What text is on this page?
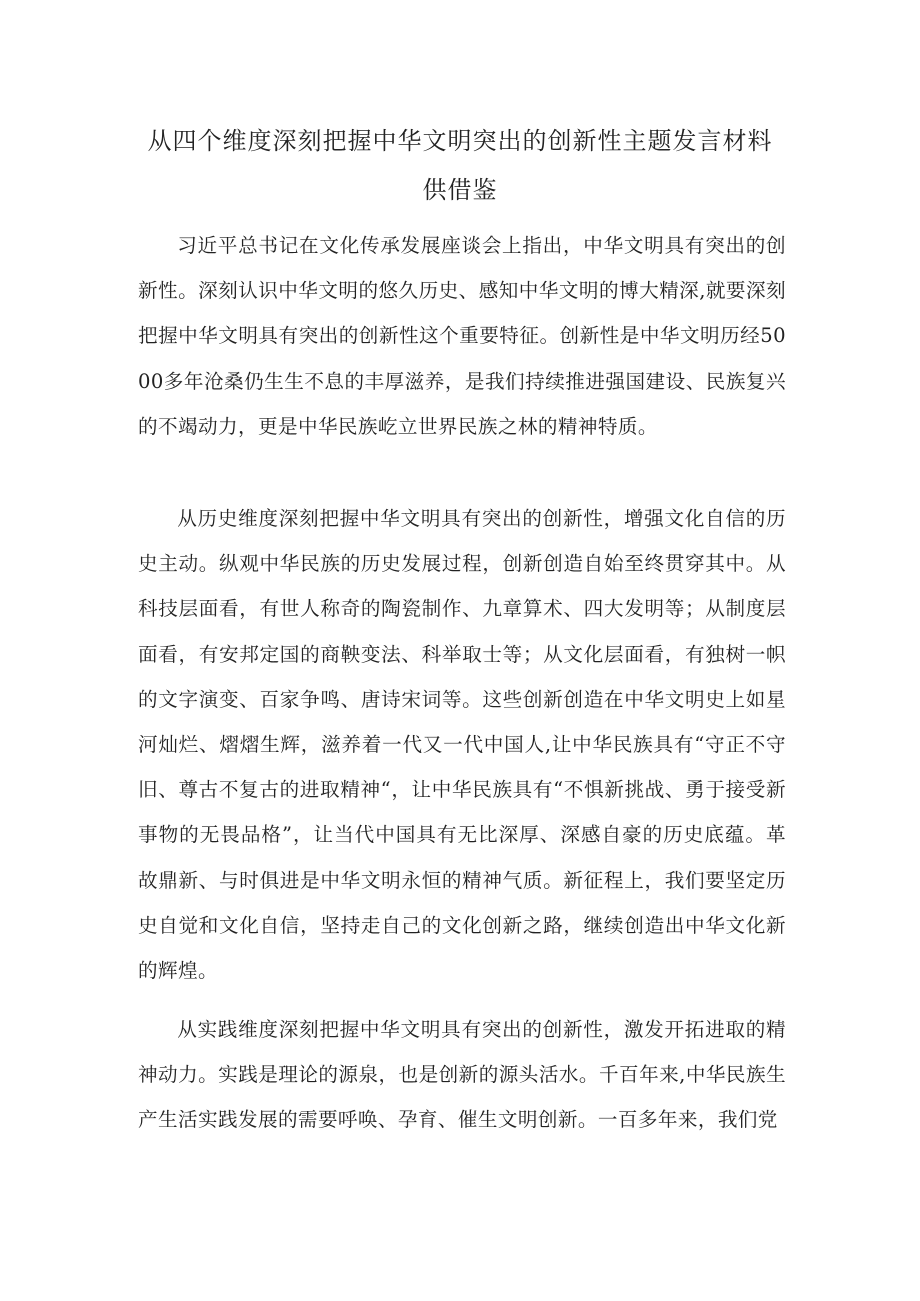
从四个维度深刻把握中华文明突出的创新性主题发言材料
供借鉴

习近平总书记在文化传承发展座谈会上指出，中华文明具有突出的创新性。深刻认识中华文明的悠久历史、感知中华文明的博大精深,就要深刻把握中华文明具有突出的创新性这个重要特征。创新性是中华文明历经5000多年沧桑仍生生不息的丰厚滋养，是我们持续推进强国建设、民族复兴的不竭动力，更是中华民族屹立世界民族之林的精神特质。

从历史维度深刻把握中华文明具有突出的创新性，增强文化自信的历史主动。纵观中华民族的历史发展过程，创新创造自始至终贯穿其中。从科技层面看，有世人称奇的陶瓷制作、九章算术、四大发明等；从制度层面看，有安邦定国的商鞅变法、科举取士等；从文化层面看，有独树一帜的文字演变、百家争鸣、唐诗宋词等。这些创新创造在中华文明史上如星河灿烂、熠熠生辉，滋养着一代又一代中国人,让中华民族具有“守正不守旧、尊古不复古的进取精神“，让中华民族具有“不惧新挑战、勇于接受新事物的无畏品格”，让当代中国具有无比深厚、深感自豪的历史底蕴。革故鼎新、与时俱进是中华文明永恒的精神气质。新征程上，我们要坚定历史自觉和文化自信，坚持走自己的文化创新之路，继续创造出中华文化新的辉煌。

从实践维度深刻把握中华文明具有突出的创新性，激发开拓进取的精神动力。实践是理论的源泉，也是创新的源头活水。千百年来,中华民族生产生活实践发展的需要呼唤、孕育、催生文明创新。一百多年来，我们党
